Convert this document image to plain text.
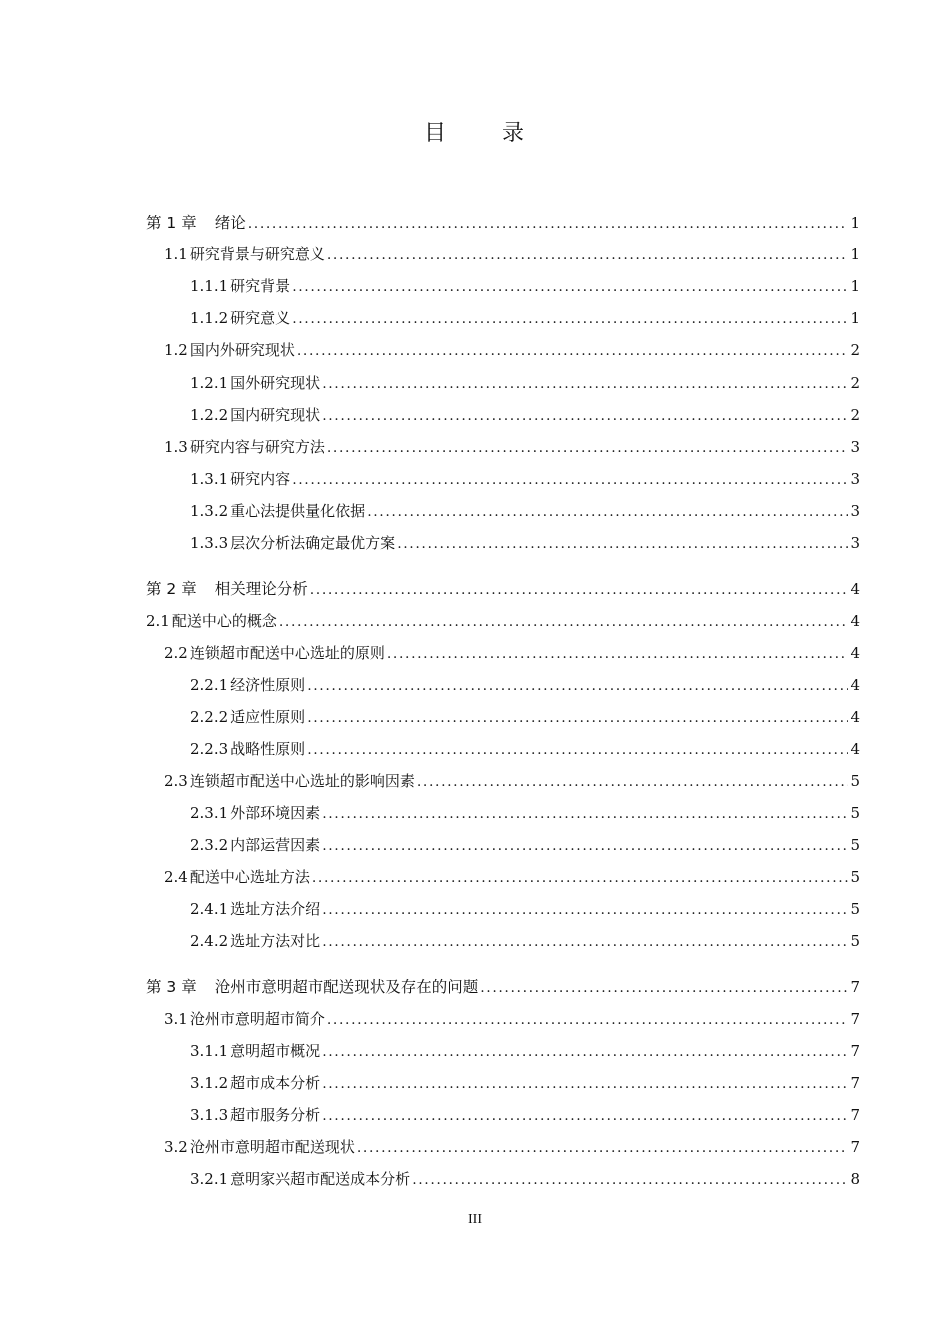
目 录
第 1 章 绪论 .....	1
1.1 研究背景与研究意义 .....	1
1.1.1 研究背景 .....	1
1.1.2 研究意义 .....	1
1.2 国内外研究现状 .....	2
1.2.1 国外研究现状 .....	2
1.2.2 国内研究现状 .....	2
1.3 研究内容与研究方法 .....	3
1.3.1 研究内容 .....	3
1.3.2 重心法提供量化依据 .....	3
1.3.3 层次分析法确定最优方案 .....	3
第 2 章 相关理论分析 .....	4
2.1 配送中心的概念 .....	4
2.2 连锁超市配送中心选址的原则 .....	4
2.2.1 经济性原则 .....	4
2.2.2 适应性原则 .....	4
2.2.3 战略性原则 .....	4
2.3 连锁超市配送中心选址的影响因素 .....	5
2.3.1 外部环境因素 .....	5
2.3.2 内部运营因素 .....	5
2.4 配送中心选址方法 .....	5
2.4.1 选址方法介绍 .....	5
2.4.2 选址方法对比 .....	5
第 3 章 沧州市意明超市配送现状及存在的问题 .....	7
3.1 沧州市意明超市简介 .....	7
3.1.1 意明超市概况 .....	7
3.1.2 超市成本分析 .....	7
3.1.3 超市服务分析 .....	7
3.2 沧州市意明超市配送现状 .....	7
3.2.1 意明家兴超市配送成本分析 .....	8
III
